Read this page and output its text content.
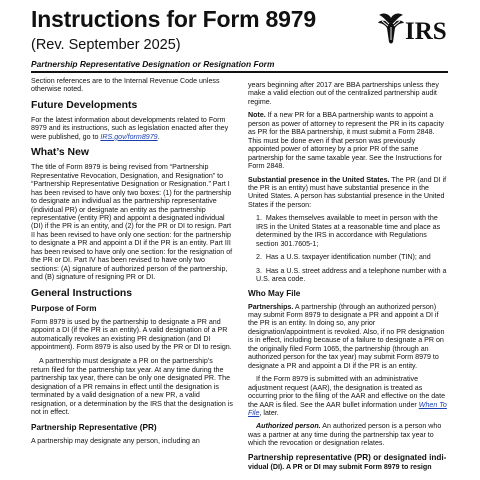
Instructions for Form 8979
(Rev. September 2025)	IRS
Partnership Representative Designation or Resignation Form

Section references are to the Internal Revenue Code unless otherwise noted.

Future Developments

For the latest information about developments related to Form 8979 and its instructions, such as legislation enacted after they were published, go to IRS.gov/form8979.

What’s New

The title of Form 8979 is being revised from “Partnership Representative Revocation, Designation, and Resignation” to “Partnership Representative Designation or Resignation.” Part I has been revised to have only two boxes: (1) for the partnership to designate an individual as the partnership representative (individual PR) or designate an entity as the partnership representative (entity PR) and appoint a designated individual (DI) if the PR is an entity, and (2) for the PR or DI to resign. Part II has been revised to have only one section: for the partnership to designate a PR and appoint a DI if the PR is an entity. Part III has been revised to have only one section: for the resignation of the PR or DI. Part IV has been revised to have only two sections: (A) signature of authorized person of the partnership, and (B) signature of resigning PR or DI.

General Instructions
Purpose of Form

Form 8979 is used by the partnership to designate a PR and appoint a DI (if the PR is an entity). A valid designation of a PR automatically revokes an existing PR designation (and DI appointment). Form 8979 is also used by the PR or DI to resign.

A partnership must designate a PR on the partnership’s return filed for the partnership tax year. At any time during the partnership tax year, there can be only one designated PR. The designation of a PR remains in effect until the designation is terminated by a valid designation of a new PR, a valid resignation, or a determination by the IRS that the designation is not in effect.

Partnership Representative (PR)

A partnership may designate any person, including an

years beginning after 2017 are BBA partnerships unless they make a valid election out of the centralized partnership audit regime.

Note. If a new PR for a BBA partnership wants to appoint a person as power of attorney to represent the PR in its capacity as PR for the BBA partnership, it must submit a Form 2848. This must be done even if that person was previously appointed power of attorney by a prior PR of the same partnership for the same taxable year. See the Instructions for Form 2848.

Substantial presence in the United States. The PR (and DI if the PR is an entity) must have substantial presence in the United States. A person has substantial presence in the United States if the person:

1.  Makes themselves available to meet in person with the IRS in the United States at a reasonable time and place as determined by the IRS in accordance with Regulations section 301.7605-1;

2.  Has a U.S. taxpayer identification number (TIN); and

3.  Has a U.S. street address and a telephone number with a U.S. area code.

Who May File

Partnerships. A partnership (through an authorized person) may submit Form 8979 to designate a PR and appoint a DI if the PR is an entity. In doing so, any prior designation/appointment is revoked. Also, if no PR designation is in effect, including because of a failure to designate a PR on the originally filed Form 1065, the partnership (through an authorized person for the tax year) may submit Form 8979 to designate a PR and appoint a DI if the PR is an entity.

If the Form 8979 is submitted with an administrative adjustment request (AAR), the designation is treated as occurring prior to the filing of the AAR and effective on the date the AAR is filed. See the AAR bullet information under When To File, later.

Authorized person. An authorized person is a person who was a partner at any time during the partnership tax year to which the revocation or designation relates.

Partnership representative (PR) or designated indi-

vidual (DI). A PR or DI may submit Form 8979 to resign
